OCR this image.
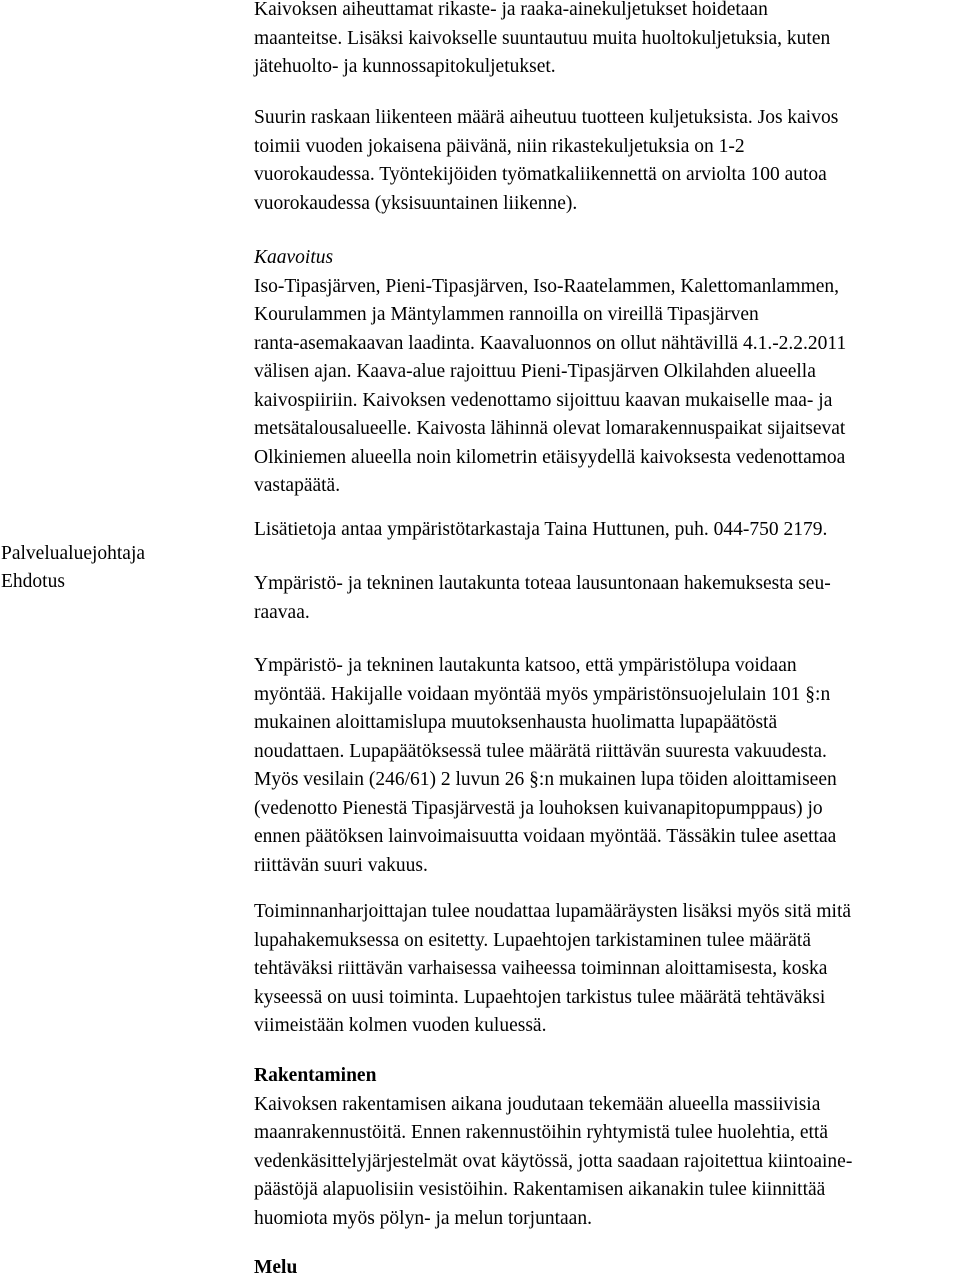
Palvelualuejohtaja
Ehdotus
Kaivoksen aiheuttamat rikaste- ja raaka-ainekuljetukset hoidetaan
maanteitse. Lisäksi kaivokselle suuntautuu muita huoltokuljetuksia, kuten
jätehuolto- ja kunnossapitokuljetukset.
Suurin raskaan liikenteen määrä aiheutuu tuotteen kuljetuksista. Jos kaivos
toimii vuoden jokaisena päivänä, niin rikastekuljetuksia on 1-2
vuorokaudessa. Työntekijöiden työmatkaliikennettä on arviolta 100 autoa
vuorokaudessa (yksisuuntainen liikenne).
Kaavoitus
Iso-Tipasjärven, Pieni-Tipasjärven, Iso-Raatelammen, Kalettomanlammen,
Kourulammen ja Mäntylammen rannoilla on vireillä Tipasjärven
ranta-asemakaavan laadinta. Kaavaluonnos on ollut nähtävillä 4.1.-2.2.2011
välisen ajan. Kaava-alue rajoittuu Pieni-Tipasjärven Olkilahden alueella
kaivospiiriin. Kaivoksen vedenottamo sijoittuu kaavan mukaiselle maa- ja
metsätalousalueelle. Kaivosta lähinnä olevat lomarakennuspaikat sijaitsevat
Olkiniemen alueella noin kilometrin etäisyydellä kaivoksesta vedenottamoa
vastapäätä.
Lisätietoja antaa ympäristötarkastaja Taina Huttunen, puh. 044-750 2179.
Ympäristö- ja tekninen lautakunta toteaa lausuntonaan hakemuksesta seu-
raavaa.
Ympäristö- ja tekninen lautakunta katsoo, että ympäristölupa voidaan
myöntää. Hakijalle voidaan myöntää myös ympäristönsuojelulain 101 §:n
mukainen aloittamislupa muutoksenhausta huolimatta lupapäätöstä
noudattaen. Lupapäätöksessä tulee määrätä riittävän suuresta vakuudesta.
Myös vesilain (246/61) 2 luvun 26 §:n mukainen lupa töiden aloittamiseen
(vedenotto Pienestä Tipasjärvestä ja louhoksen kuivanapitopumppaus) jo
ennen päätöksen lainvoimaisuutta voidaan myöntää. Tässäkin tulee asettaa
riittävän suuri vakuus.
Toiminnanharjoittajan tulee noudattaa lupamääräysten lisäksi myös sitä mitä
lupahakemuksessa on esitetty. Lupaehtojen tarkistaminen tulee määrätä
tehtäväksi riittävän varhaisessa vaiheessa toiminnan aloittamisesta, koska
kyseessä on uusi toiminta. Lupaehtojen tarkistus tulee määrätä tehtäväksi
viimeistään kolmen vuoden kuluessä.
Rakentaminen
Kaivoksen rakentamisen aikana joudutaan tekemään alueella massiivisia
maanrakennustöitä. Ennen rakennustöihin ryhtymistä tulee huolehtia, että
vedenkäsittelyjärjestelmät ovat käytössä, jotta saadaan rajoitettua kiintoaine-
päästöjä alapuolisiin vesistöihin. Rakentamisen aikanakin tulee kiinnittää
huomiota myös pölyn- ja melun torjuntaan.
Melu
